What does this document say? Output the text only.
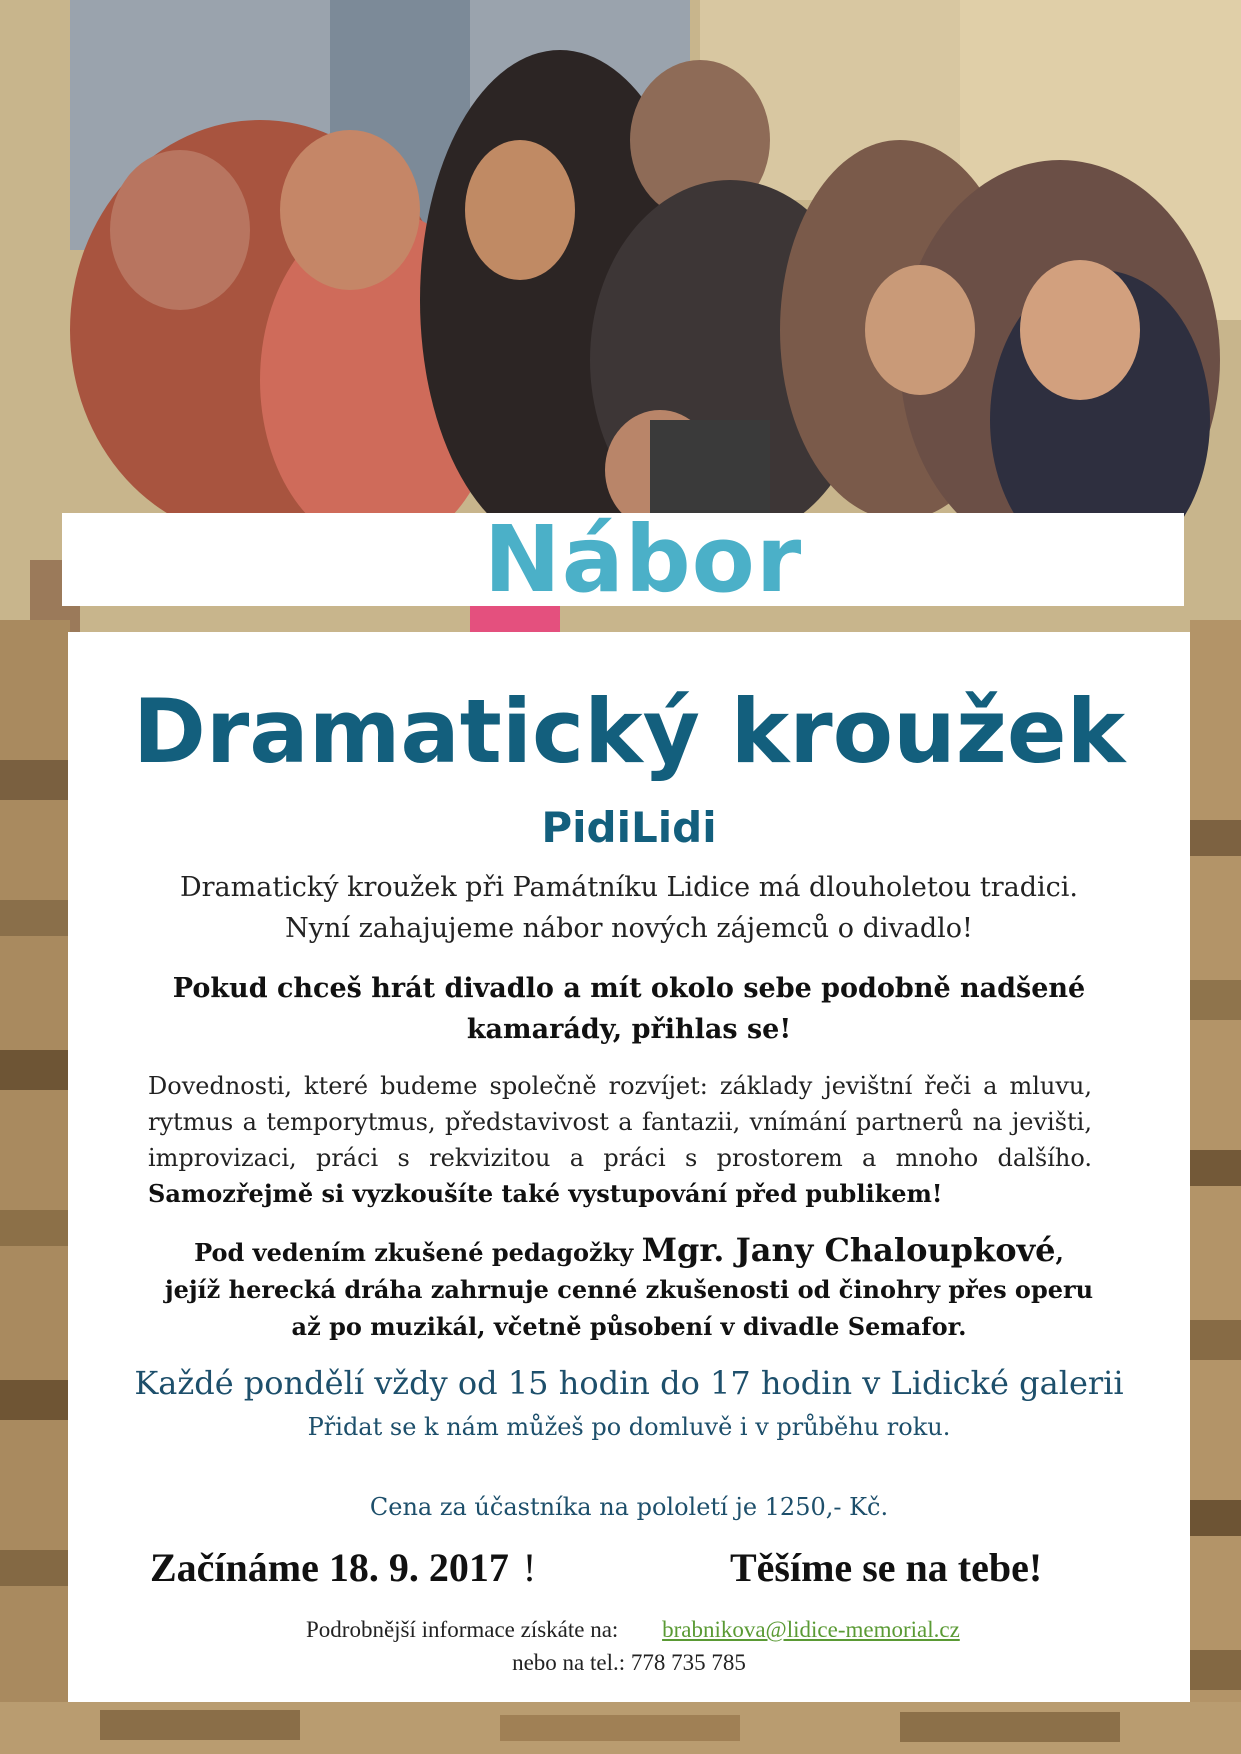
Nábor
Dramatický kroužek
PidiLidi
Dramatický kroužek při Památníku Lidice má dlouholetou tradici.
Nyní zahajujeme nábor nových zájemců o divadlo!
Pokud chceš hrát divadlo a mít okolo sebe podobně nadšené
kamarády, přihlas se!
Dovednosti, které budeme společně rozvíjet: základy jevištní řeči a mluvu, rytmus a temporytmus, představivost a fantazii, vnímání partnerů na jevišti, improvizaci, práci s rekvizitou a práci s prostorem a mnoho dalšího. Samozřejmě si vyzkoušíte také vystupování před publikem!
Pod vedením zkušené pedagožky Mgr. Jany Chaloupkové,
jejíž herecká dráha zahrnuje cenné zkušenosti od činohry přes operu
až po muzikál, včetně působení v divadle Semafor.
Každé pondělí vždy od 15 hodin do 17 hodin v Lidické galerii
Přidat se k nám můžeš po domluvě i v průběhu roku.
Cena za účastníka na pololetí je 1250,- Kč.
Začínáme 18. 9. 2017 !	Těšíme se na tebe!
Podrobnější informace získáte na: brabnikova@lidice-memorial.cz
nebo na tel.: 778 735 785
